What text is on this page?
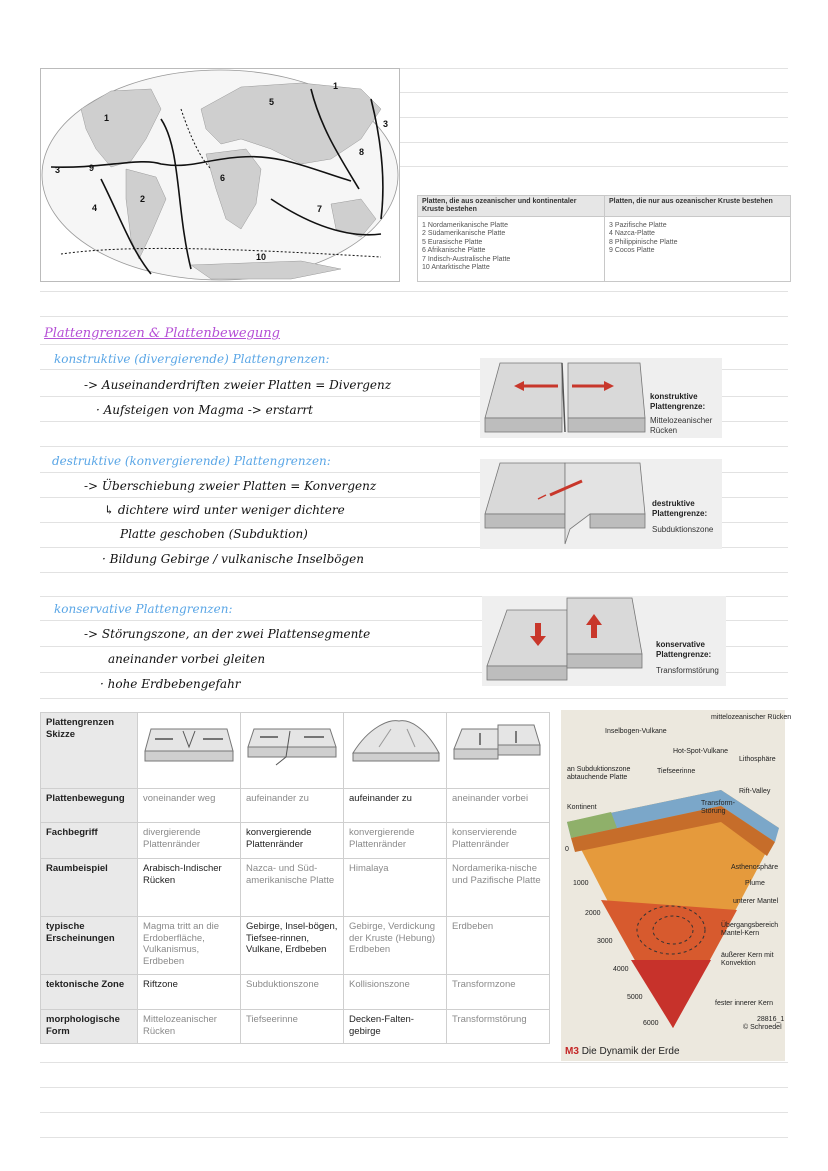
1
1
5
3
3
9
8
2
4
6
7
10
Platten, die aus ozeanischer und kontinentaler Kruste bestehen
1 Nordamerikanische Platte
2 Südamerikanische Platte
5 Eurasische Platte
6 Afrikanische Platte
7 Indisch-Australische Platte
10 Antarktische Platte
Platten, die nur aus ozeanischer Kruste bestehen
3 Pazifische Platte
4 Nazca-Platte
8 Philippinische Platte
9 Cocos Platte
Plattengrenzen & Plattenbewegung
konstruktive (divergierende) Plattengrenzen:
-> Auseinanderdriften zweier Platten = Divergenz
· Aufsteigen von Magma -> erstarrt
destruktive (konvergierende) Plattengrenzen:
-> Überschiebung zweier Platten = Konvergenz
↳ dichtere wird unter weniger dichtere
Platte geschoben (Subduktion)
· Bildung Gebirge / vulkanische Inselbögen
konservative Plattengrenzen:
-> Störungszone, an der zwei Plattensegmente
aneinander vorbei gleiten
· hohe Erdbebengefahr
konstruktive Plattengrenze:
Mittelozeanischer Rücken
destruktive Plattengrenze:
Subduktionszone
konservative Plattengrenze:
Transformstörung
Plattengrenzen Skizze				
Plattenbewegung	voneinander weg	aufeinander zu	aufeinander zu	aneinander vorbei
Fachbegriff	divergierende Plattenränder	konvergierende Plattenränder	konvergierende Plattenränder	konservierende Plattenränder
Raumbeispiel	Arabisch-Indischer Rücken	Nazca- und Süd-amerikanische Platte	Himalaya	Nordamerika-nische und Pazifische Platte
typische Erscheinungen	Magma tritt an die Erdoberfläche, Vulkanismus, Erdbeben	Gebirge, Insel-bögen, Tiefsee-rinnen, Vulkane, Erdbeben	Gebirge, Verdickung der Kruste (Hebung) Erdbeben	Erdbeben
tektonische Zone	Riftzone	Subduktionszone	Kollisionszone	Transformzone
morphologische Form	Mittelozeanischer Rücken	Tiefseerinne	Decken-Falten-gebirge	Transformstörung
mittelozeanischer Rücken
Inselbogen-Vulkane
Hot-Spot-Vulkane
Lithosphäre
an Subduktionszone abtauchende Platte
Tiefseerinne
Rift-Valley
Kontinent
Transform-Störung
Asthenosphäre
Plume
unterer Mantel
Übergangsbereich Mantel-Kern
äußerer Kern mit Konvektion
fester innerer Kern
28816_1
© Schroedel
0
1000
2000
3000
4000
5000
6000
M3 Die Dynamik der Erde
